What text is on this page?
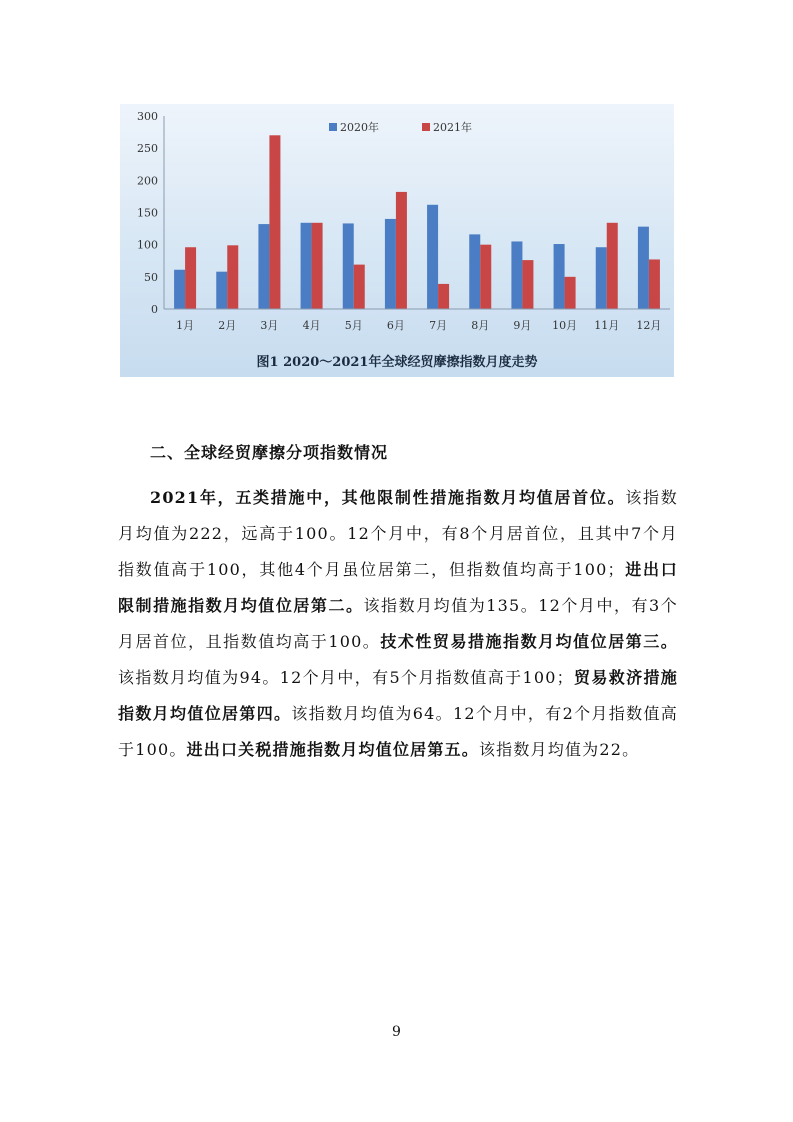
0
50
100
150
200
250
300
1月 2月 3月 4月 5月 6月 7月 8月 9月 10月 11月 12月
2020年	2021年
图1 2020～2021年全球经贸摩擦指数月度走势
二、全球经贸摩擦分项指数情况

2021年，五类措施中，其他限制性措施指数月均值居首位。该指数月均值为222，远高于100。12个月中，有8个月居首位，且其中7个月指数值高于100，其他4个月虽位居第二，但指数值均高于100；进出口限制措施指数月均值位居第二。该指数月均值为135。12个月中，有3个月居首位，且指数值均高于100。技术性贸易措施指数月均值位居第三。该指数月均值为94。12个月中，有5个月指数值高于100；贸易救济措施指数月均值位居第四。该指数月均值为64。12个月中，有2个月指数值高于100。进出口关税措施指数月均值位居第五。该指数月均值为22。

9
